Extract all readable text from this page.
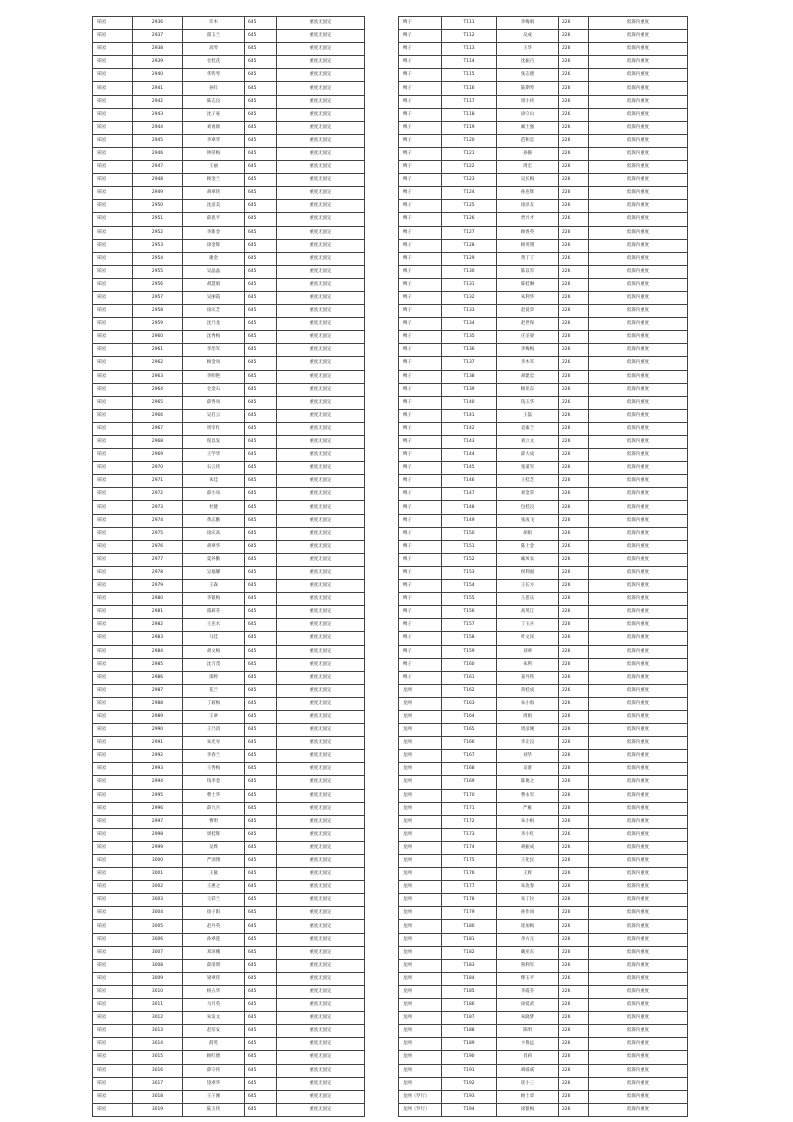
犀园	2936	许木	645	重度无固定
犀园	2937	邵玉兰	645	重度无固定
犀园	2938	高琴	645	重度无固定
犀园	2939	仓桂花	645	重度无固定
犀园	2940	华传琴	645	重度无固定
犀园	2941	孙红	645	重度无固定
犀园	2942	陈志良	645	重度无固定
犀园	2943	沈子豪	645	重度无固定
犀园	2944	刘再锦	645	重度无固定
犀园	2945	李翠华	645	重度无固定
犀园	2946	钟萍梅	645	重度无固定
犀园	2947	王丽	645	重度无固定
犀园	2948	顾金兰	645	重度无固定
犀园	2949	胡翠侠	645	重度无固定
犀园	2950	沈彦美	645	重度无固定
犀园	2951	薛思平	645	重度无固定
犀园	2952	李新金	645	重度无固定
犀园	2953	徐金辉	645	重度无固定
犀园	2954	谢金	645	重度无固定
犀园	2955	吴晶晶	645	重度无固定
犀园	2956	胡慧娟	645	重度无固定
犀园	2957	吴丽霞	645	重度无固定
犀园	2958	徐庆芝	645	重度无固定
犀园	2959	沈乃龙	645	重度无固定
犀园	2960	沈秀梅	645	重度无固定
犀园	2961	李治军	645	重度无固定
犀园	2962	顾金凤	645	重度无固定
犀园	2963	李明艳	645	重度无固定
犀园	2964	仓金石	645	重度无固定
犀园	2965	薛秀凤	645	重度无固定
犀园	2966	吴启云	645	重度无固定
犀园	2967	周宰红	645	重度无固定
犀园	2968	倪以发	645	重度无固定
犀园	2969	王学华	645	重度无固定
犀园	2970	石云侠	645	重度无固定
犀园	2971	朱佳	645	重度无固定
犀园	2972	薛小凤	645	重度无固定
犀园	2973	杜健	645	重度无固定
犀园	2974	黄志勤	645	重度无固定
犀园	2975	徐庆高	645	重度无固定
犀园	2976	胡翠华	645	重度无固定
犀园	2977	夏养勤	645	重度无固定
犀园	2978	吴福耀	645	重度无固定
犀园	2979	王森	645	重度无固定
犀园	2980	李银梅	645	重度无固定
犀园	2981	邵莉芬	645	重度无固定
犀园	2982	王克水	645	重度无固定
犀园	2983	马佳	645	重度无固定
犀园	2984	胡文梅	645	重度无固定
犀园	2985	沈刀茂	645	重度无固定
犀园	2986	邵婷	645	重度无固定
犀园	2987	花兰	645	重度无固定
犀园	2988	丁莉梅	645	重度无固定
犀园	2989	王翠	645	重度无固定
犀园	2990	王乃清	645	重度无固定
犀园	2991	朱光岑	645	重度无固定
犀园	2992	李春兰	645	重度无固定
犀园	2993	王秀梅	645	重度无固定
犀园	2994	钱李金	645	重度无固定
犀园	2995	曹士华	645	重度无固定
犀园	2996	薛九月	645	重度无固定
犀园	2997	曹明	645	重度无固定
犀园	2998	周桂辉	645	重度无固定
犀园	2999	吴烨	645	重度无固定
犀园	3000	严羽翔	645	重度无固定
犀园	3001	王敏	645	重度无固定
犀园	3002	王惠之	645	重度无固定
犀园	3003	王彩兰	645	重度无固定
犀园	3004	徐子阳	645	重度无固定
犀园	3005	赵丹英	645	重度无固定
犀园	3006	孙翠莲	645	重度无固定
犀园	3007	邓泽娥	645	重度无固定
犀园	3008	薛清明	645	重度无固定
犀园	3009	梁翠侠	645	重度无固定
犀园	3010	杨五华	645	重度无固定
犀园	3011	马月英	645	重度无固定
犀园	3012	朱发文	645	重度无固定
犀园	3013	赵培安	645	重度无固定
犀园	3014	薛英	645	重度无固定
犀园	3015	顾红德	645	重度无固定
犀园	3016	薛守侠	645	重度无固定
犀园	3017	饶翠华	645	重度无固定
犀园	3018	王子刚	645	重度无固定
犀园	3019	陆玉侠	645	重度无固定
缚子	T111	李梅娟	226	低保内重度
缚子	T112	吴成	226	低保内重度
缚子	T113	王华	226	低保内重度
缚子	T114	沈振巧	226	低保内重度
缚子	T115	张志德	226	低保内重度
缚子	T116	陆期琴	226	低保内重度
缚子	T117	周小侠	226	低保内重度
缚子	T118	徐守山	226	低保内重度
缚子	T119	臧士强	226	低保内重度
缚子	T120	范和忠	226	低保内重度
缚子	T121	孙静	226	低保内重度
缚子	T122	周宏	226	低保内重度
缚子	T123	吴长梅	226	低保内重度
缚子	T124	孙连辉	226	低保内重度
缚子	T125	徐泽友	226	低保内重度
缚子	T126	贾兴才	226	低保内重度
缚子	T127	顾香英	226	低保内重度
缚子	T128	顾英翔	226	低保内重度
缚子	T129	黄丁丁	226	低保内重度
缚子	T130	陈以军	226	低保内重度
缚子	T131	陈桂琳	226	低保内重度
缚子	T132	朱利华	226	低保内重度
缚子	T133	赵爱章	226	低保内重度
缚子	T134	赵世保	226	低保内重度
缚子	T135	庄圣梁	226	低保内重度
缚子	T136	李梅梅	226	低保内重度
缚子	T137	李木军	226	低保内重度
缚子	T138	胡建忠	226	低保内重度
缚子	T139	顾亚东	226	低保内重度
缚子	T140	钱玉华	226	低保内重度
缚子	T141	王磊	226	低保内重度
缚子	T142	袁素兰	226	低保内重度
缚子	T143	刘立文	226	低保内重度
缚子	T144	薛大成	226	低保内重度
缚子	T145	张道军	226	低保内重度
缚子	T146	王桂芝	226	低保内重度
缚子	T147	刘金荣	226	低保内重度
缚子	T148	包桂良	226	低保内重度
缚子	T149	张成飞	226	低保内重度
缚子	T150	胡娟	226	低保内重度
缚子	T151	陈士金	226	低保内重度
缚子	T152	臧凤农	226	低保内重度
缚子	T153	侯利福	226	低保内重度
缚子	T154	王长方	226	低保内重度
缚子	T155	王思乐	226	低保内重度
缚子	T156	高英江	226	低保内重度
缚子	T157	丁玉兵	226	低保内重度
缚子	T158	叶文泽	226	低保内重度
缚子	T159	刘翠	226	低保内重度
缚子	T160	朱利	226	低保内重度
缚子	T161	姜丹铁	226	低保内重度
龙网	T162	蒋桂成	226	低保内重度
龙网	T163	朱小海	226	低保内重度
龙网	T164	周娟	226	低保内重度
龙网	T165	周彦刚	226	低保内重度
龙网	T166	李正良	226	低保内重度
龙网	T167	刘华	226	低保内重度
龙网	T168	吴蕾	226	低保内重度
龙网	T169	陈俊之	226	低保内重度
龙网	T170	曹永军	226	低保内重度
龙网	T171	严雁	226	低保内重度
龙网	T172	朱小根	226	低保内重度
龙网	T173	李小红	226	低保内重度
龙网	T174	胡振成	226	低保内重度
龙网	T175	王化民	226	低保内重度
龙网	T176	王辉	226	低保内重度
龙网	T177	朱攻春	226	低保内重度
龙网	T178	朱丁拉	226	低保内重度
龙网	T179	孙作岗	226	低保内重度
龙网	T180	崔加梅	226	低保内重度
龙网	T181	李方元	226	低保内重度
龙网	T182	戴亚东	226	低保内重度
龙网	T183	鲁利军	226	低保内重度
龙网	T184	缪玉平	226	低保内重度
龙网	T185	李霞芬	226	低保内重度
龙网	T186	徐爱武	226	低保内重度
龙网	T187	朱晓梦	226	低保内重度
龙网	T188	陈明	226	低保内重度
龙网	T189	卞鲁远	226	低保内重度
龙网	T190	肖莉	226	低保内重度
龙网	T191	胡威威	226	低保内重度
龙网	T192	崔小三	226	低保内重度
龙网（罗行）	T193	顾士章	226	低保内重度
龙网（罗行）	T194	徐银梅	226	低保内重度
